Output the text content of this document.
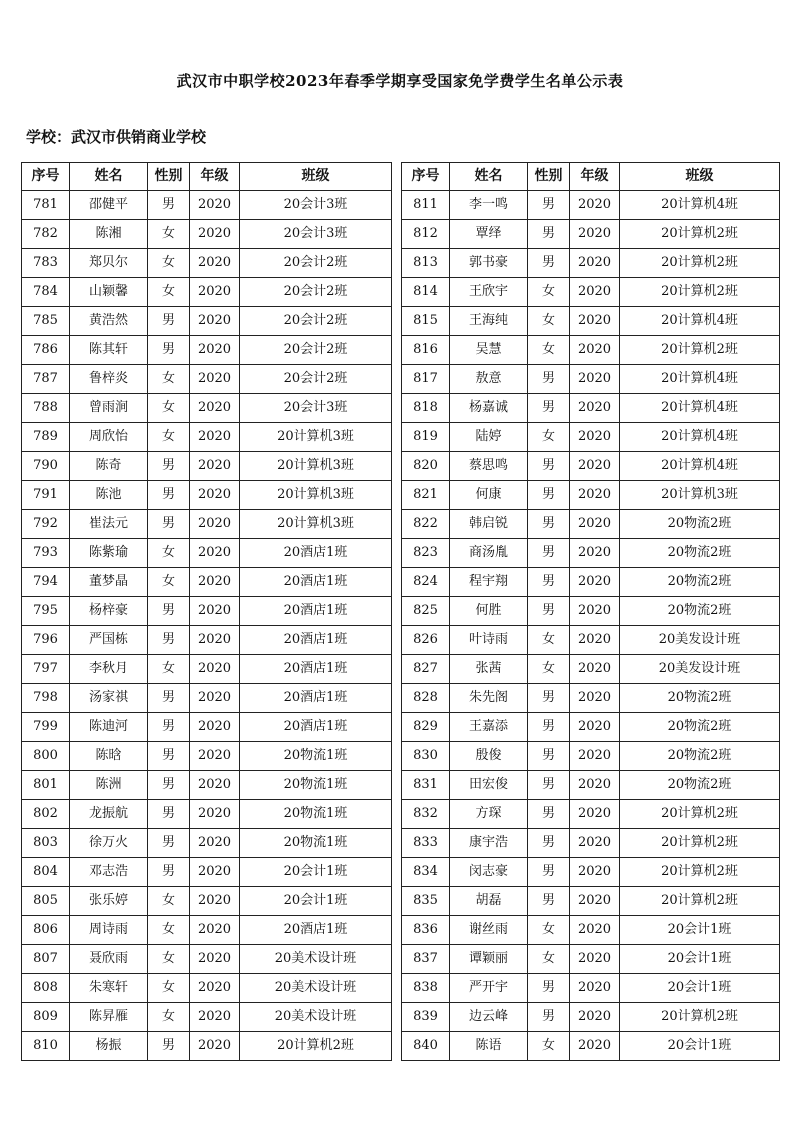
武汉市中职学校2023年春季学期享受国家免学费学生名单公示表
学校：武汉市供销商业学校
序号	姓名	性别	年级	班级
781	邵健平	男	2020	20会计3班
782	陈湘	女	2020	20会计3班
783	郑贝尔	女	2020	20会计2班
784	山颖馨	女	2020	20会计2班
785	黄浩然	男	2020	20会计2班
786	陈其轩	男	2020	20会计2班
787	鲁梓炎	女	2020	20会计2班
788	曾雨涧	女	2020	20会计3班
789	周欣怡	女	2020	20计算机3班
790	陈奇	男	2020	20计算机3班
791	陈池	男	2020	20计算机3班
792	崔法元	男	2020	20计算机3班
793	陈紫瑜	女	2020	20酒店1班
794	董梦晶	女	2020	20酒店1班
795	杨梓豪	男	2020	20酒店1班
796	严国栋	男	2020	20酒店1班
797	李秋月	女	2020	20酒店1班
798	汤家祺	男	2020	20酒店1班
799	陈迪河	男	2020	20酒店1班
800	陈晗	男	2020	20物流1班
801	陈洲	男	2020	20物流1班
802	龙振航	男	2020	20物流1班
803	徐万火	男	2020	20物流1班
804	邓志浩	男	2020	20会计1班
805	张乐婷	女	2020	20会计1班
806	周诗雨	女	2020	20酒店1班
807	聂欣雨	女	2020	20美术设计班
808	朱寒轩	女	2020	20美术设计班
809	陈昇雁	女	2020	20美术设计班
810	杨振	男	2020	20计算机2班
序号	姓名	性别	年级	班级
811	李一鸣	男	2020	20计算机4班
812	覃绎	男	2020	20计算机2班
813	郭书豪	男	2020	20计算机2班
814	王欣宇	女	2020	20计算机2班
815	王海纯	女	2020	20计算机4班
816	吴慧	女	2020	20计算机2班
817	敖意	男	2020	20计算机4班
818	杨嘉诚	男	2020	20计算机4班
819	陆婷	女	2020	20计算机4班
820	蔡思鸣	男	2020	20计算机4班
821	何康	男	2020	20计算机3班
822	韩启锐	男	2020	20物流2班
823	商汤胤	男	2020	20物流2班
824	程宇翔	男	2020	20物流2班
825	何胜	男	2020	20物流2班
826	叶诗雨	女	2020	20美发设计班
827	张茜	女	2020	20美发设计班
828	朱先阁	男	2020	20物流2班
829	王嘉添	男	2020	20物流2班
830	殷俊	男	2020	20物流2班
831	田宏俊	男	2020	20物流2班
832	方琛	男	2020	20计算机2班
833	康宇浩	男	2020	20计算机2班
834	闵志豪	男	2020	20计算机2班
835	胡磊	男	2020	20计算机2班
836	谢丝雨	女	2020	20会计1班
837	谭颖丽	女	2020	20会计1班
838	严开宇	男	2020	20会计1班
839	边云峰	男	2020	20计算机2班
840	陈语	女	2020	20会计1班
